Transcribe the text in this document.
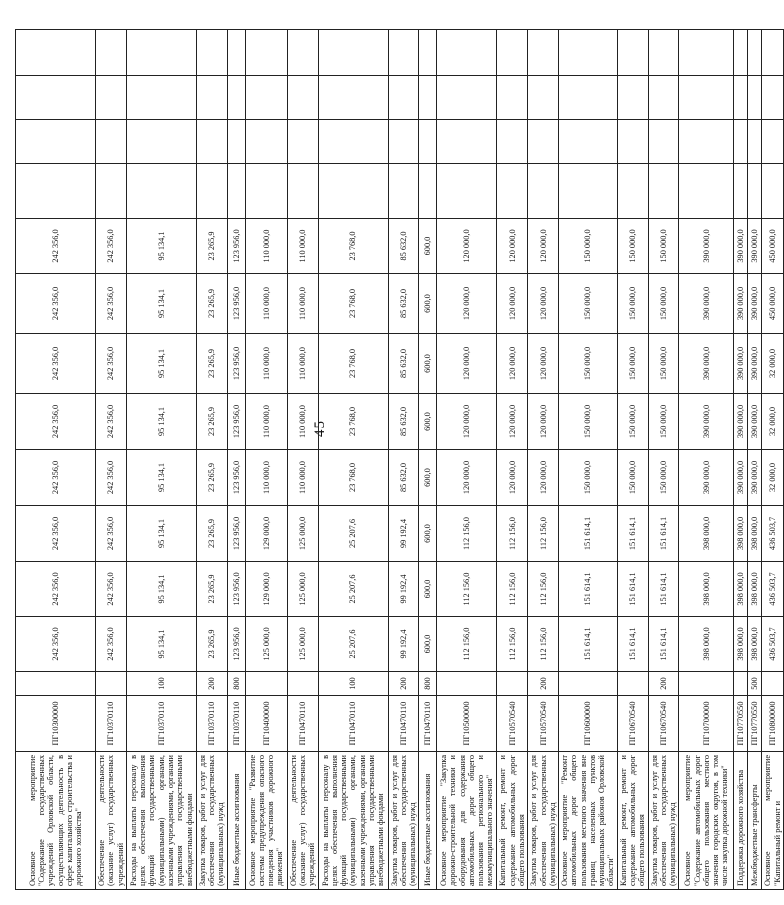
45
Основное мероприятие "Содержание государственных учреждений Орловской области, осуществляющих деятельность в сфере капитального строительства и дорожного хозяйства"	ПГ10300000		242 356,0	242 356,0	242 356,0	242 356,0	242 356,0	242 356,0	242 356,0	242 356,0				
Обеспечение деятельности (оказание услуг) государственных учреждений	ПГ10370110		242 356,0	242 356,0	242 356,0	242 356,0	242 356,0	242 356,0	242 356,0	242 356,0				
Расходы на выплаты персоналу в целях обеспечения выполнения функций государственными (муниципальными) органами, казенными учреждениями, органами управления государственными внебюджетными фондами	ПГ10370110	100	95 134,1	95 134,1	95 134,1	95 134,1	95 134,1	95 134,1	95 134,1	95 134,1				
Закупка товаров, работ и услуг для обеспечения государственных (муниципальных) нужд	ПГ10370110	200	23 265,9	23 265,9	23 265,9	23 265,9	23 265,9	23 265,9	23 265,9	23 265,9				
Иные бюджетные ассигнования	ПГ10370110	800	123 956,0	123 956,0	123 956,0	123 956,0	123 956,0	123 956,0	123 956,0	123 956,0				
Основное мероприятие "Развитие системы предупреждения опасного поведения участников дорожного движения"	ПГ10400000		125 000,0	129 000,0	129 000,0	110 000,0	110 000,0	110 000,0	110 000,0	110 000,0				
Обеспечение деятельности (оказание услуг) государственных учреждений	ПГ10470110		125 000,0	125 000,0	125 000,0	110 000,0	110 000,0	110 000,0	110 000,0	110 000,0				
Расходы на выплаты персоналу в целях обеспечения выполнения функций государственными (муниципальными) органами, казенными учреждениями, органами управления государственными внебюджетными фондами	ПГ10470110	100	25 207,6	25 207,6	25 207,6	23 768,0	23 768,0	23 768,0	23 768,0	23 768,0				
Закупка товаров, работ и услуг для обеспечения государственных (муниципальных) нужд	ПГ10470110	200	99 192,4	99 192,4	99 192,4	85 632,0	85 632,0	85 632,0	85 632,0	85 632,0				
Иные бюджетные ассигнования	ПГ10470110	800	600,0	600,0	600,0	600,0	600,0	600,0	600,0	600,0				
Основное мероприятие "Закупка дорожно-строительной техники и оборудования для содержания автомобильных дорог общего пользования регионального и межмуниципального значения"	ПГ10500000		112 156,0	112 156,0	112 156,0	120 000,0	120 000,0	120 000,0	120 000,0	120 000,0				
Капитальный ремонт, ремонт и содержание автомобильных дорог общего пользования	ПГ10570540		112 156,0	112 156,0	112 156,0	120 000,0	120 000,0	120 000,0	120 000,0	120 000,0				
Закупка товаров, работ и услуг для обеспечения государственных (муниципальных) нужд	ПГ10570540	200	112 156,0	112 156,0	112 156,0	120 000,0	120 000,0	120 000,0	120 000,0	120 000,0				
Основное мероприятие "Ремонт автомобильных дорог общего пользования местного значения вне границ населенных пунктов муниципальных районов Орловской области"	ПГ10600000		151 614,1	151 614,1	151 614,1	150 000,0	150 000,0	150 000,0	150 000,0	150 000,0				
Капитальный ремонт, ремонт и содержание автомобильных дорог общего пользования	ПГ10670540		151 614,1	151 614,1	151 614,1	150 000,0	150 000,0	150 000,0	150 000,0	150 000,0				
Закупка товаров, работ и услуг для обеспечения государственных (муниципальных) нужд	ПГ10670540	200	151 614,1	151 614,1	151 614,1	150 000,0	150 000,0	150 000,0	150 000,0	150 000,0				
Основное мероприятие "Содержание автомобильных дорог общего пользования местного значения городских округов, в том числе закупка дорожной техники"	ПГ10700000		398 000,0	398 000,0	398 000,0	390 000,0	390 000,0	390 000,0	390 000,0	390 000,0				
Поддержка дорожного хозяйства	ПГ10770550		398 000,0	398 000,0	398 000,0	390 000,0	390 000,0	390 000,0	390 000,0	390 000,0				
Межбюджетные трансферты	ПГ10770550	500	398 000,0	398 000,0	398 000,0	390 000,0	390 000,0	390 000,0	390 000,0	390 000,0				
Основное мероприятие "Капитальный ремонт и	ПГ10800000		436 503,7	436 503,7	436 503,7	32 000,0	32 000,0	32 000,0	450 000,0	450 000,0				
